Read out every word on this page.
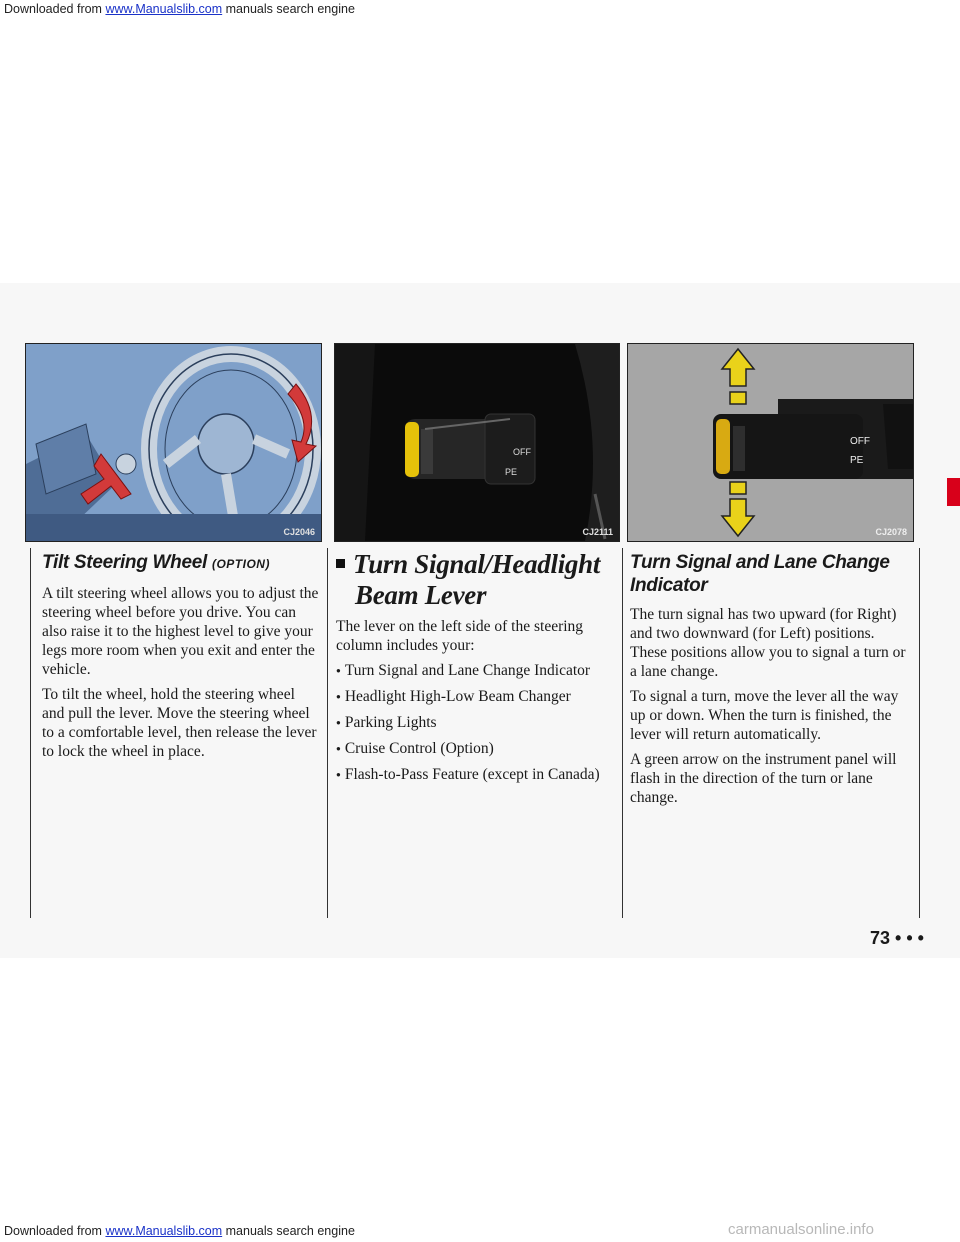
Downloaded from www.Manualslib.com manuals search engine
CJ2046
OFF
PE
CJ2111
OFF
PE
CJ2078
Tilt Steering Wheel (OPTION)

A tilt steering wheel allows you to adjust the steering wheel before you drive. You can also raise it to the highest level to give your legs more room when you exit and enter the vehicle.

To tilt the wheel, hold the steering wheel and pull the lever. Move the steering wheel to a comfortable level, then release the lever to lock the wheel in place.

Turn Signal/Headlight
Beam Lever

The lever on the left side of the steering column includes your:

● Turn Signal and Lane Change Indicator
● Headlight High-Low Beam Changer
● Parking Lights
● Cruise Control (Option)
● Flash-to-Pass Feature (except in Canada)
Turn Signal and Lane Change Indicator

The turn signal has two upward (for Right) and two downward (for Left) positions. These positions allow you to signal a turn or a lane change.

To signal a turn, move the lever all the way up or down. When the turn is finished, the lever will return automatically.

A green arrow on the instrument panel will flash in the direction of the turn or lane change.

73 • • •
Downloaded from www.Manualslib.com manuals search engine	carmanualsonline.info
